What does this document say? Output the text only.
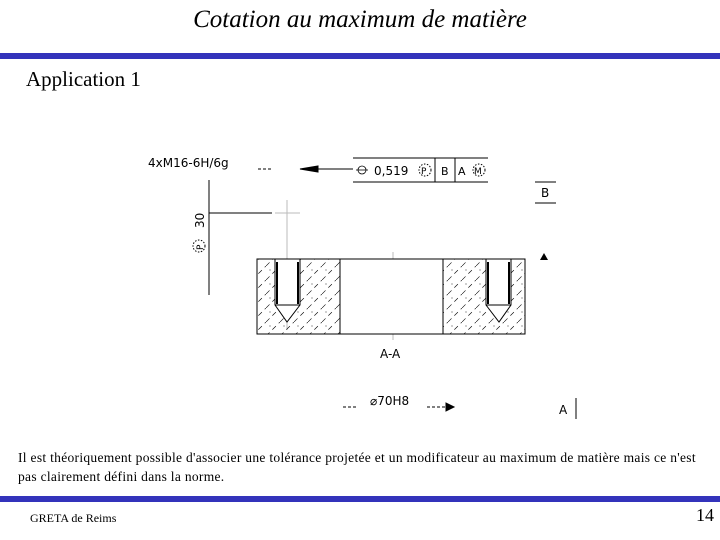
Cotation au maximum de matière
Application 1
30
P
4xM16-6H/6g
0,519 P B A M
B
A-A
⌀70H8
A
Il est théoriquement possible d'associer une tolérance projetée et un modificateur au maximum de matière mais ce n'est pas clairement défini dans la norme.
GRETA de Reims	14
